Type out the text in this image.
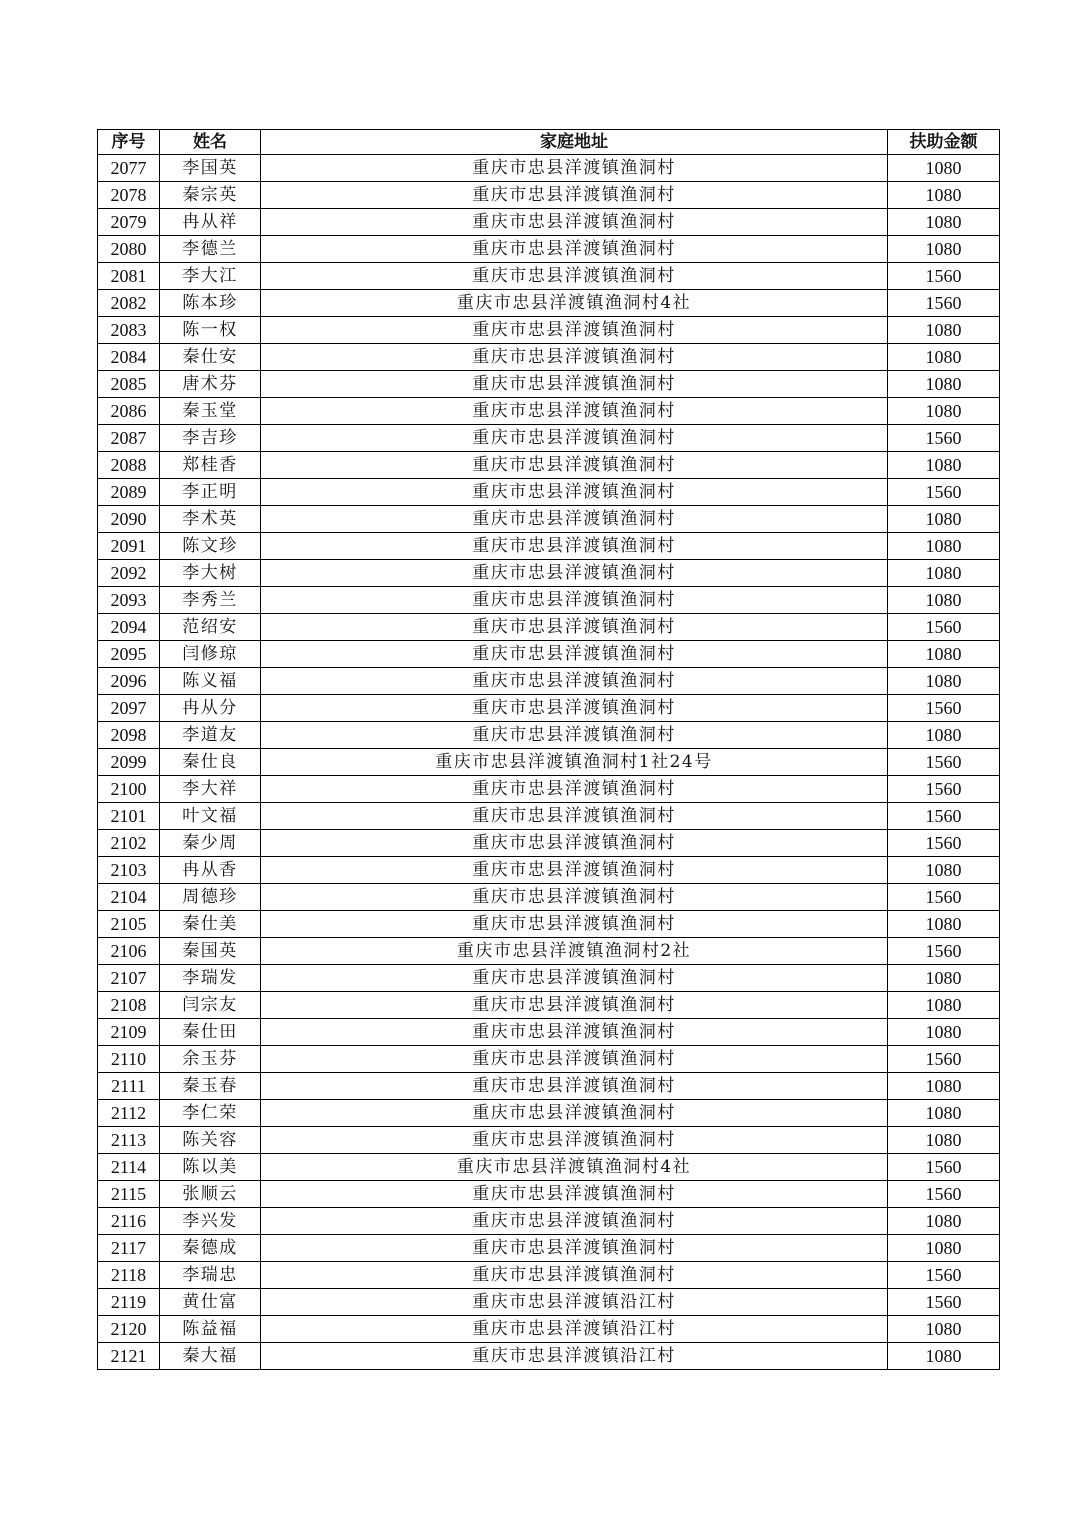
序号	姓名	家庭地址	扶助金额
2077	李国英	重庆市忠县洋渡镇渔洞村	1080
2078	秦宗英	重庆市忠县洋渡镇渔洞村	1080
2079	冉从祥	重庆市忠县洋渡镇渔洞村	1080
2080	李德兰	重庆市忠县洋渡镇渔洞村	1080
2081	李大江	重庆市忠县洋渡镇渔洞村	1560
2082	陈本珍	重庆市忠县洋渡镇渔洞村4社	1560
2083	陈一权	重庆市忠县洋渡镇渔洞村	1080
2084	秦仕安	重庆市忠县洋渡镇渔洞村	1080
2085	唐术芬	重庆市忠县洋渡镇渔洞村	1080
2086	秦玉堂	重庆市忠县洋渡镇渔洞村	1080
2087	李吉珍	重庆市忠县洋渡镇渔洞村	1560
2088	郑桂香	重庆市忠县洋渡镇渔洞村	1080
2089	李正明	重庆市忠县洋渡镇渔洞村	1560
2090	李术英	重庆市忠县洋渡镇渔洞村	1080
2091	陈文珍	重庆市忠县洋渡镇渔洞村	1080
2092	李大树	重庆市忠县洋渡镇渔洞村	1080
2093	李秀兰	重庆市忠县洋渡镇渔洞村	1080
2094	范绍安	重庆市忠县洋渡镇渔洞村	1560
2095	闫修琼	重庆市忠县洋渡镇渔洞村	1080
2096	陈义福	重庆市忠县洋渡镇渔洞村	1080
2097	冉从分	重庆市忠县洋渡镇渔洞村	1560
2098	李道友	重庆市忠县洋渡镇渔洞村	1080
2099	秦仕良	重庆市忠县洋渡镇渔洞村1社24号	1560
2100	李大祥	重庆市忠县洋渡镇渔洞村	1560
2101	叶文福	重庆市忠县洋渡镇渔洞村	1560
2102	秦少周	重庆市忠县洋渡镇渔洞村	1560
2103	冉从香	重庆市忠县洋渡镇渔洞村	1080
2104	周德珍	重庆市忠县洋渡镇渔洞村	1560
2105	秦仕美	重庆市忠县洋渡镇渔洞村	1080
2106	秦国英	重庆市忠县洋渡镇渔洞村2社	1560
2107	李瑞发	重庆市忠县洋渡镇渔洞村	1080
2108	闫宗友	重庆市忠县洋渡镇渔洞村	1080
2109	秦仕田	重庆市忠县洋渡镇渔洞村	1080
2110	余玉芬	重庆市忠县洋渡镇渔洞村	1560
2111	秦玉春	重庆市忠县洋渡镇渔洞村	1080
2112	李仁荣	重庆市忠县洋渡镇渔洞村	1080
2113	陈关容	重庆市忠县洋渡镇渔洞村	1080
2114	陈以美	重庆市忠县洋渡镇渔洞村4社	1560
2115	张顺云	重庆市忠县洋渡镇渔洞村	1560
2116	李兴发	重庆市忠县洋渡镇渔洞村	1080
2117	秦德成	重庆市忠县洋渡镇渔洞村	1080
2118	李瑞忠	重庆市忠县洋渡镇渔洞村	1560
2119	黄仕富	重庆市忠县洋渡镇沿江村	1560
2120	陈益福	重庆市忠县洋渡镇沿江村	1080
2121	秦大福	重庆市忠县洋渡镇沿江村	1080
